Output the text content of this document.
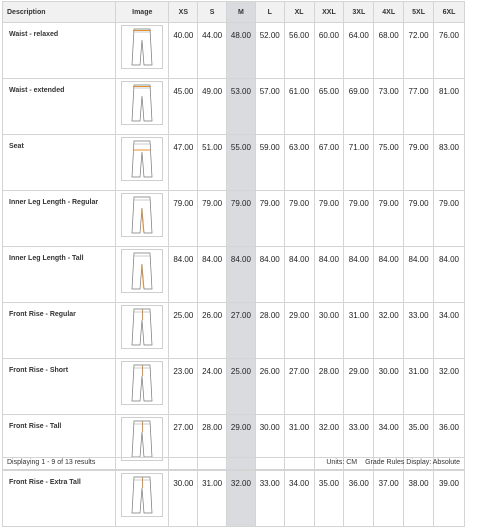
Description	Image	XS	S	M	L	XL	XXL	3XL	4XL	5XL	6XL
Waist - relaxed		40.00	44.00	48.00	52.00	56.00	60.00	64.00	68.00	72.00	76.00
Waist - extended		45.00	49.00	53.00	57.00	61.00	65.00	69.00	73.00	77.00	81.00
Seat		47.00	51.00	55.00	59.00	63.00	67.00	71.00	75.00	79.00	83.00
Inner Leg Length - Regular		79.00	79.00	79.00	79.00	79.00	79.00	79.00	79.00	79.00	79.00
Inner Leg Length - Tall		84.00	84.00	84.00	84.00	84.00	84.00	84.00	84.00	84.00	84.00
Front Rise - Regular		25.00	26.00	27.00	28.00	29.00	30.00	31.00	32.00	33.00	34.00
Front Rise - Short		23.00	24.00	25.00	26.00	27.00	28.00	29.00	30.00	31.00	32.00
Front Rise - Tall		27.00	28.00	29.00	30.00	31.00	32.00	33.00	34.00	35.00	36.00
Front Rise - Extra Tall		30.00	31.00	32.00	33.00	34.00	35.00	36.00	37.00	38.00	39.00
Displaying 1 - 9 of 13 results	Units: CM Grade Rules Display: Absolute
